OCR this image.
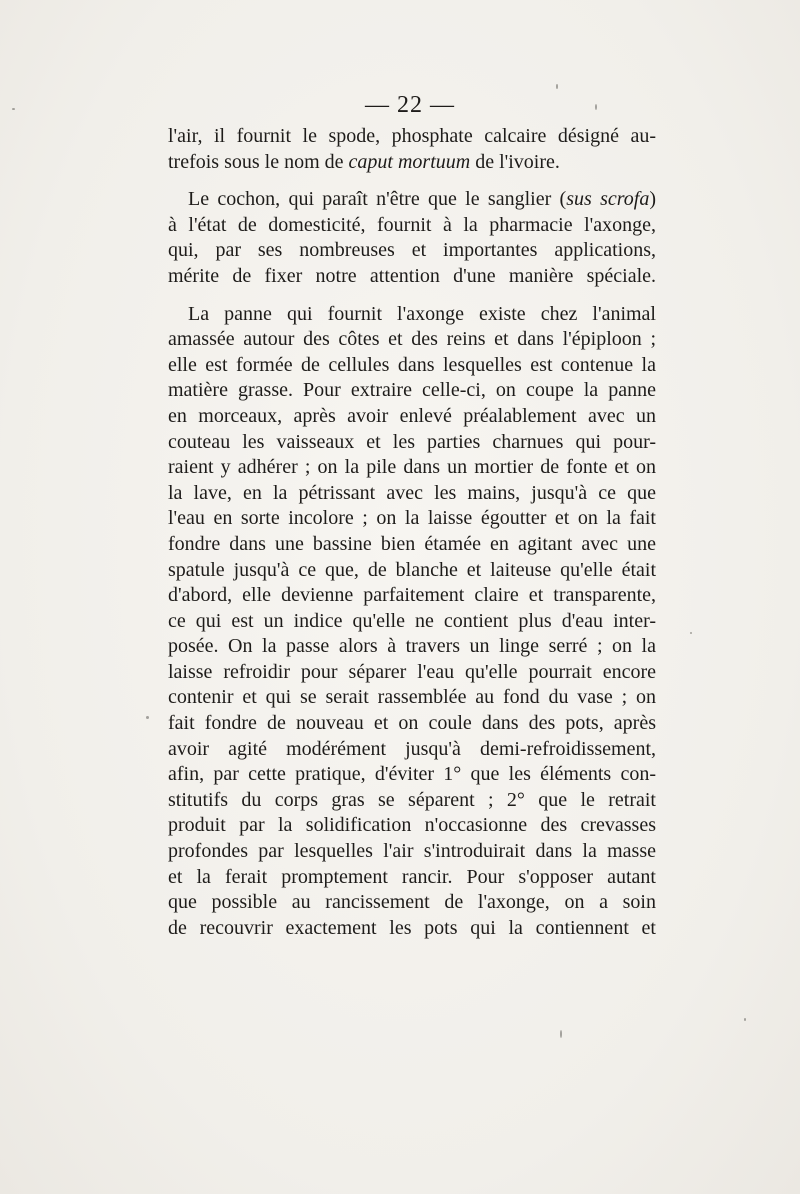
— 22 —
l'air, il fournit le spode, phosphate calcaire désigné au-
trefois sous le nom de caput mortuum de l'ivoire.
Le cochon, qui paraît n'être que le sanglier (sus scrofa)
à l'état de domesticité, fournit à la pharmacie l'axonge,
qui, par ses nombreuses et importantes applications,
mérite de fixer notre attention d'une manière spéciale.
La panne qui fournit l'axonge existe chez l'animal
amassée autour des côtes et des reins et dans l'épiploon ;
elle est formée de cellules dans lesquelles est contenue la
matière grasse. Pour extraire celle-ci, on coupe la panne
en morceaux, après avoir enlevé préalablement avec un
couteau les vaisseaux et les parties charnues qui pour-
raient y adhérer ; on la pile dans un mortier de fonte et on
la lave, en la pétrissant avec les mains, jusqu'à ce que
l'eau en sorte incolore ; on la laisse égoutter et on la fait
fondre dans une bassine bien étamée en agitant avec une
spatule jusqu'à ce que, de blanche et laiteuse qu'elle était
d'abord, elle devienne parfaitement claire et transparente,
ce qui est un indice qu'elle ne contient plus d'eau inter-
posée. On la passe alors à travers un linge serré ; on la
laisse refroidir pour séparer l'eau qu'elle pourrait encore
contenir et qui se serait rassemblée au fond du vase ; on
fait fondre de nouveau et on coule dans des pots, après
avoir agité modérément jusqu'à demi-refroidissement,
afin, par cette pratique, d'éviter 1° que les éléments con-
stitutifs du corps gras se séparent ; 2° que le retrait
produit par la solidification n'occasionne des crevasses
profondes par lesquelles l'air s'introduirait dans la masse
et la ferait promptement rancir. Pour s'opposer autant
que possible au rancissement de l'axonge, on a soin
de recouvrir exactement les pots qui la contiennent et
